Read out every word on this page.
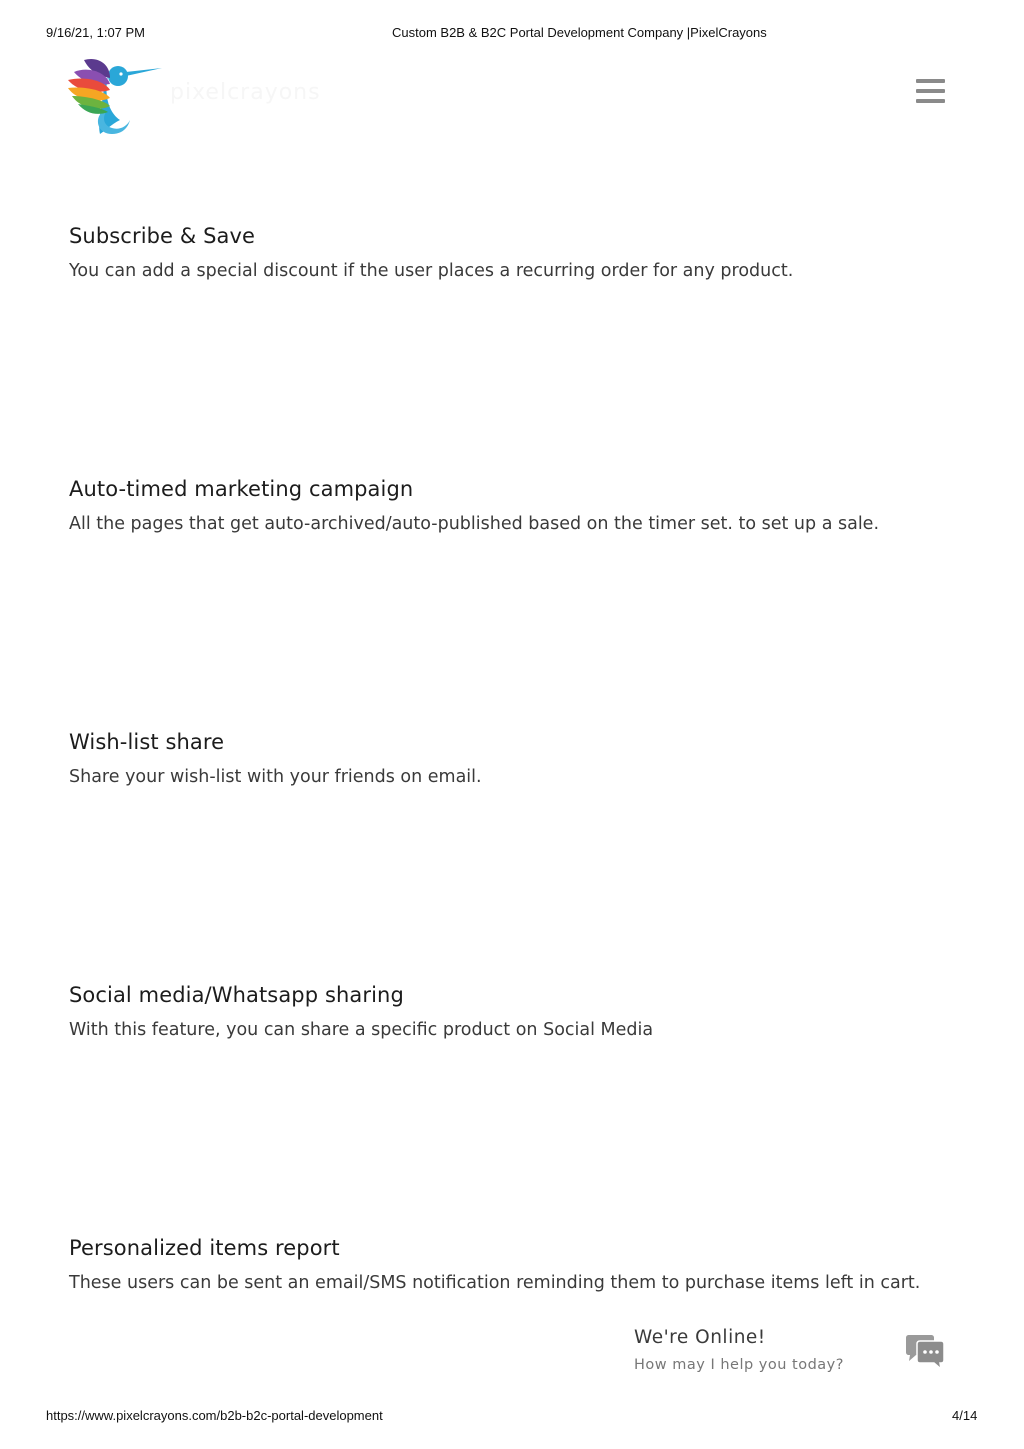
9/16/21, 1:07 PM	Custom B2B & B2C Portal Development Company |PixelCrayons
pixelcrayons
Subscribe & Save

You can add a special discount if the user places a recurring order for any product.

Auto-timed marketing campaign

All the pages that get auto-archived/auto-published based on the timer set. to set up a sale.

Wish-list share

Share your wish-list with your friends on email.

Social media/Whatsapp sharing

With this feature, you can share a specific product on Social Media

Personalized items report

These users can be sent an email/SMS notification reminding them to purchase items left in cart.

We're Online!
How may I help you today?
https://www.pixelcrayons.com/b2b-b2c-portal-development	4/14
